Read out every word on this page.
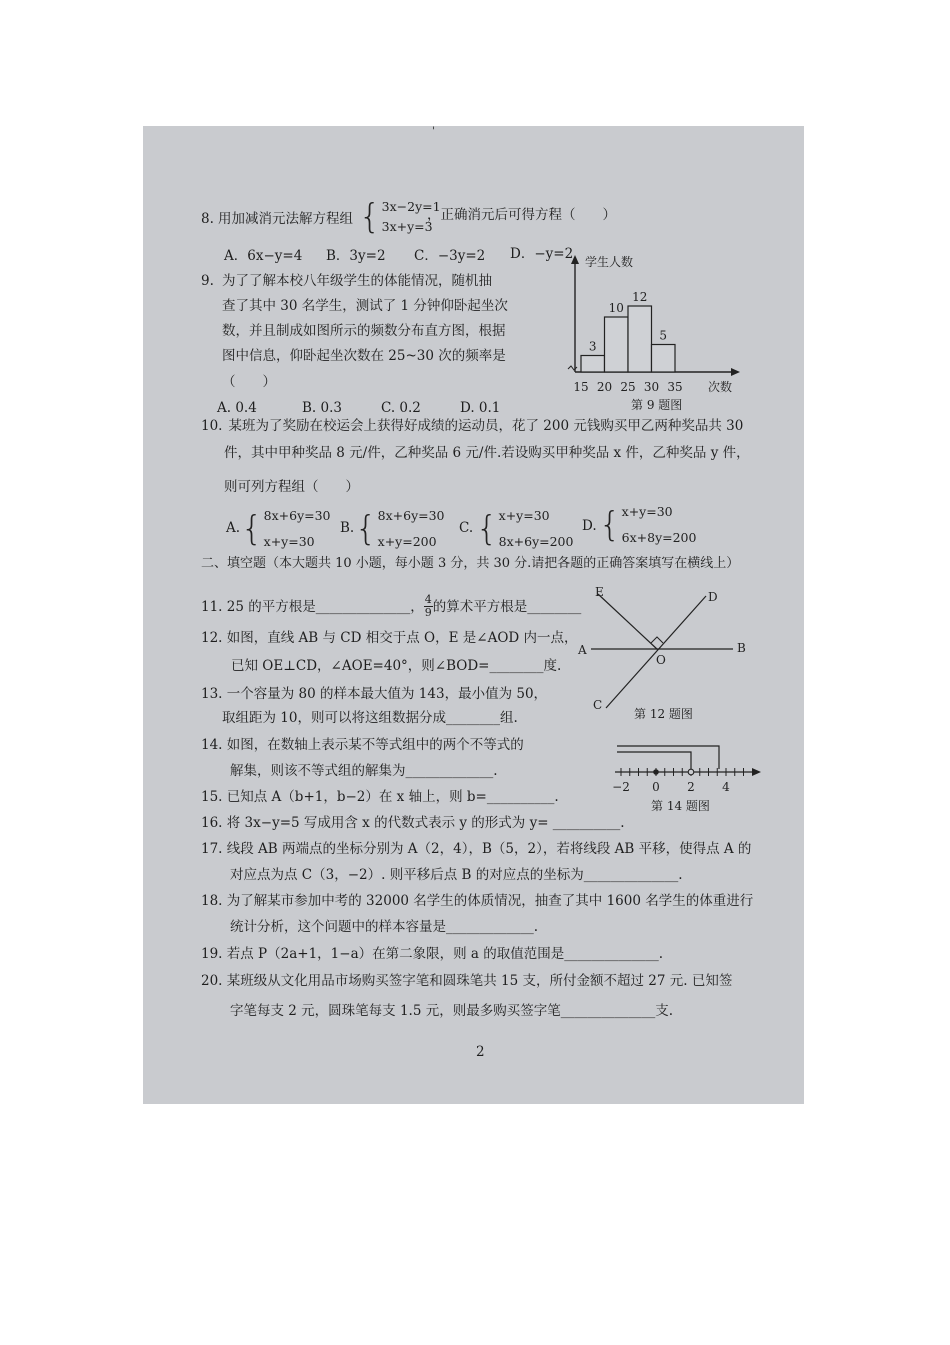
'
8. 用加减消元法解方程组 { 3x−2y=1
3x+y=3
，正确消元后可得方程（　　）
A．6x−y=4 B．3y=2 C．−3y=2 D．−y=2
9. 为了了解本校八年级学生的体能情况，随机抽
查了其中 30 名学生，测试了 1 分钟仰卧起坐次
数，并且制成如图所示的频数分布直方图，根据
图中信息，仰卧起坐次数在 25~30 次的频率是
（　　）
A. 0.4	B. 0.3	C. 0.2	D. 0.1
学生人数
次数
3
10
12
5
15 20 25 30 35
第 9 题图
10. 某班为了奖励在校运会上获得好成绩的运动员，花了 200 元钱购买甲乙两种奖品共 30
件，其中甲种奖品 8 元/件，乙种奖品 6 元/件.若设购买甲种奖品 x 件，乙种奖品 y 件，
则可列方程组（　　）
A. { 8x+6y=30
x+y=30
B. { 8x+6y=30
x+y=200
C. { x+y=30
8x+6y=200
D. { x+y=30
6x+8y=200
二、填空题（本大题共 10 小题，每小题 3 分，共 30 分.请把各题的正确答案填写在横线上）
11. 25 的平方根是______________， $\frac{4}{9}$ 的算术平方根是________
12. 如图，直线 AB 与 CD 相交于点 O，E 是∠AOD 内一点，
已知 OE⊥CD，∠AOE=40°，则∠BOD=________度.
A	B
C
D
E
O
第 12 题图
13. 一个容量为 80 的样本最大值为 143，最小值为 50，
取组距为 10，则可以将这组数据分成________组.
14. 如图，在数轴上表示某不等式组中的两个不等式的
解集，则该不等式组的解集为_____________.
−2 0 2 4
第 14 题图
15. 已知点 A（b+1，b−2）在 x 轴上，则 b=__________.
16. 将 3x−y=5 写成用含 x 的代数式表示 y 的形式为 y= __________.
17. 线段 AB 两端点的坐标分别为 A（2，4），B（5，2），若将线段 AB 平移，使得点 A 的
对应点为点 C（3，−2）. 则平移后点 B 的对应点的坐标为______________.
18. 为了解某市参加中考的 32000 名学生的体质情况，抽查了其中 1600 名学生的体重进行
统计分析，这个问题中的样本容量是_____________.
19. 若点 P（2a+1，1−a）在第二象限，则 a 的取值范围是______________.
20. 某班级从文化用品市场购买签字笔和圆珠笔共 15 支，所付金额不超过 27 元. 已知签
字笔每支 2 元，圆珠笔每支 1.5 元，则最多购买签字笔______________支.
2
